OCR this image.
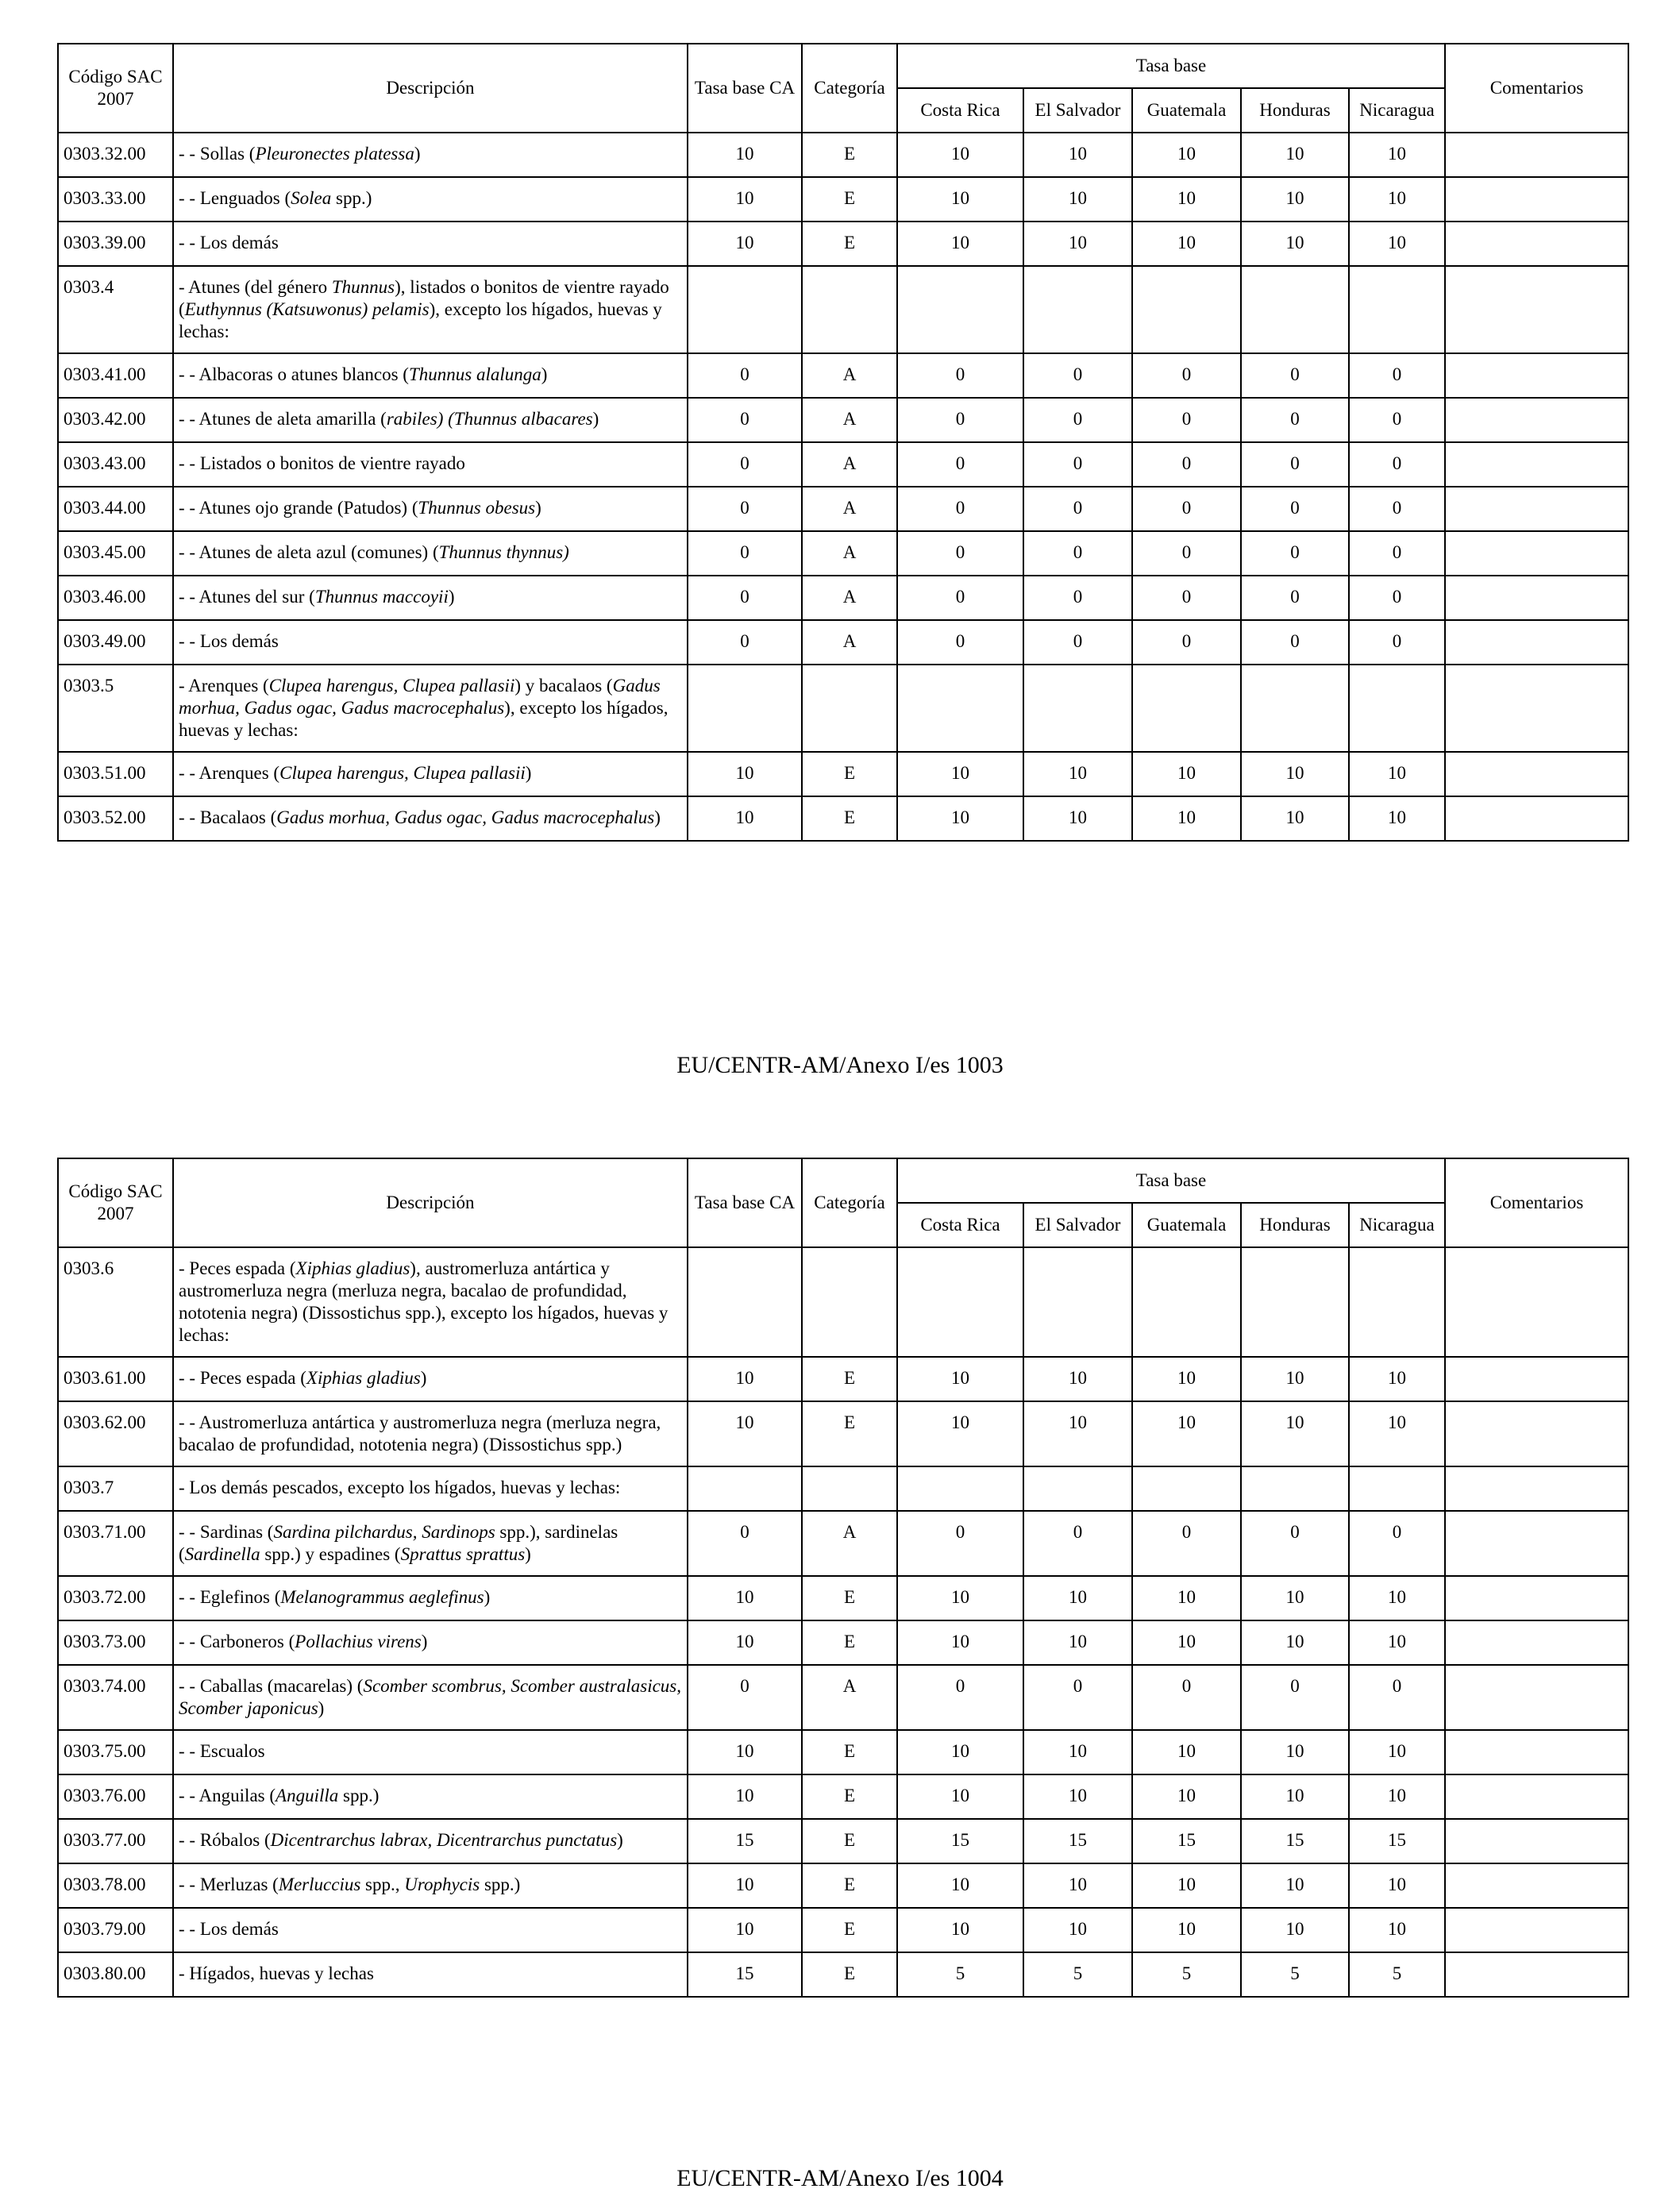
Código SAC 2007	Descripción	Tasa base CA	Categoría	Tasa base					Comentarios
				Costa Rica	El Salvador	Guatemala	Honduras	Nicaragua	
0303.32.00	- - Sollas (Pleuronectes platessa)	10	E	10	10	10	10	10	
0303.33.00	- - Lenguados (Solea spp.)	10	E	10	10	10	10	10	
0303.39.00	- - Los demás	10	E	10	10	10	10	10	
0303.4	- Atunes (del género Thunnus), listados o bonitos de vientre rayado (Euthynnus (Katsuwonus) pelamis), excepto los hígados, huevas y lechas:								
0303.41.00	- - Albacoras o atunes blancos (Thunnus alalunga)	0	A	0	0	0	0	0	
0303.42.00	- - Atunes de aleta amarilla (rabiles) (Thunnus albacares)	0	A	0	0	0	0	0	
0303.43.00	- - Listados o bonitos de vientre rayado	0	A	0	0	0	0	0	
0303.44.00	- - Atunes ojo grande (Patudos) (Thunnus obesus)	0	A	0	0	0	0	0	
0303.45.00	- - Atunes de aleta azul (comunes) (Thunnus thynnus)	0	A	0	0	0	0	0	
0303.46.00	- - Atunes del sur (Thunnus maccoyii)	0	A	0	0	0	0	0	
0303.49.00	- - Los demás	0	A	0	0	0	0	0	
0303.5	- Arenques (Clupea harengus, Clupea pallasii) y bacalaos (Gadus morhua, Gadus ogac, Gadus macrocephalus), excepto los hígados, huevas y lechas:								
0303.51.00	- - Arenques (Clupea harengus, Clupea pallasii)	10	E	10	10	10	10	10	
0303.52.00	- - Bacalaos (Gadus morhua, Gadus ogac, Gadus macrocephalus)	10	E	10	10	10	10	10	
EU/CENTR-AM/Anexo I/es 1003
Código SAC 2007	Descripción	Tasa base CA	Categoría	Tasa base					Comentarios
				Costa Rica	El Salvador	Guatemala	Honduras	Nicaragua	
0303.6	- Peces espada (Xiphias gladius), austromerluza antártica y austromerluza negra (merluza negra, bacalao de profundidad, nototenia negra) (Dissostichus spp.), excepto los hígados, huevas y lechas:								
0303.61.00	- - Peces espada (Xiphias gladius)	10	E	10	10	10	10	10	
0303.62.00	- - Austromerluza antártica y austromerluza negra (merluza negra, bacalao de profundidad, nototenia negra) (Dissostichus spp.)	10	E	10	10	10	10	10	
0303.7	- Los demás pescados, excepto los hígados, huevas y lechas:								
0303.71.00	- - Sardinas (Sardina pilchardus, Sardinops spp.), sardinelas (Sardinella spp.) y espadines (Sprattus sprattus)	0	A	0	0	0	0	0	
0303.72.00	- - Eglefinos (Melanogrammus aeglefinus)	10	E	10	10	10	10	10	
0303.73.00	- - Carboneros (Pollachius virens)	10	E	10	10	10	10	10	
0303.74.00	- - Caballas (macarelas) (Scomber scombrus, Scomber australasicus, Scomber japonicus)	0	A	0	0	0	0	0	
0303.75.00	- - Escualos	10	E	10	10	10	10	10	
0303.76.00	- - Anguilas (Anguilla spp.)	10	E	10	10	10	10	10	
0303.77.00	- - Róbalos (Dicentrarchus labrax, Dicentrarchus punctatus)	15	E	15	15	15	15	15	
0303.78.00	- - Merluzas (Merluccius spp., Urophycis spp.)	10	E	10	10	10	10	10	
0303.79.00	- - Los demás	10	E	10	10	10	10	10	
0303.80.00	- Hígados, huevas y lechas	15	E	5	5	5	5	5	
EU/CENTR-AM/Anexo I/es 1004
